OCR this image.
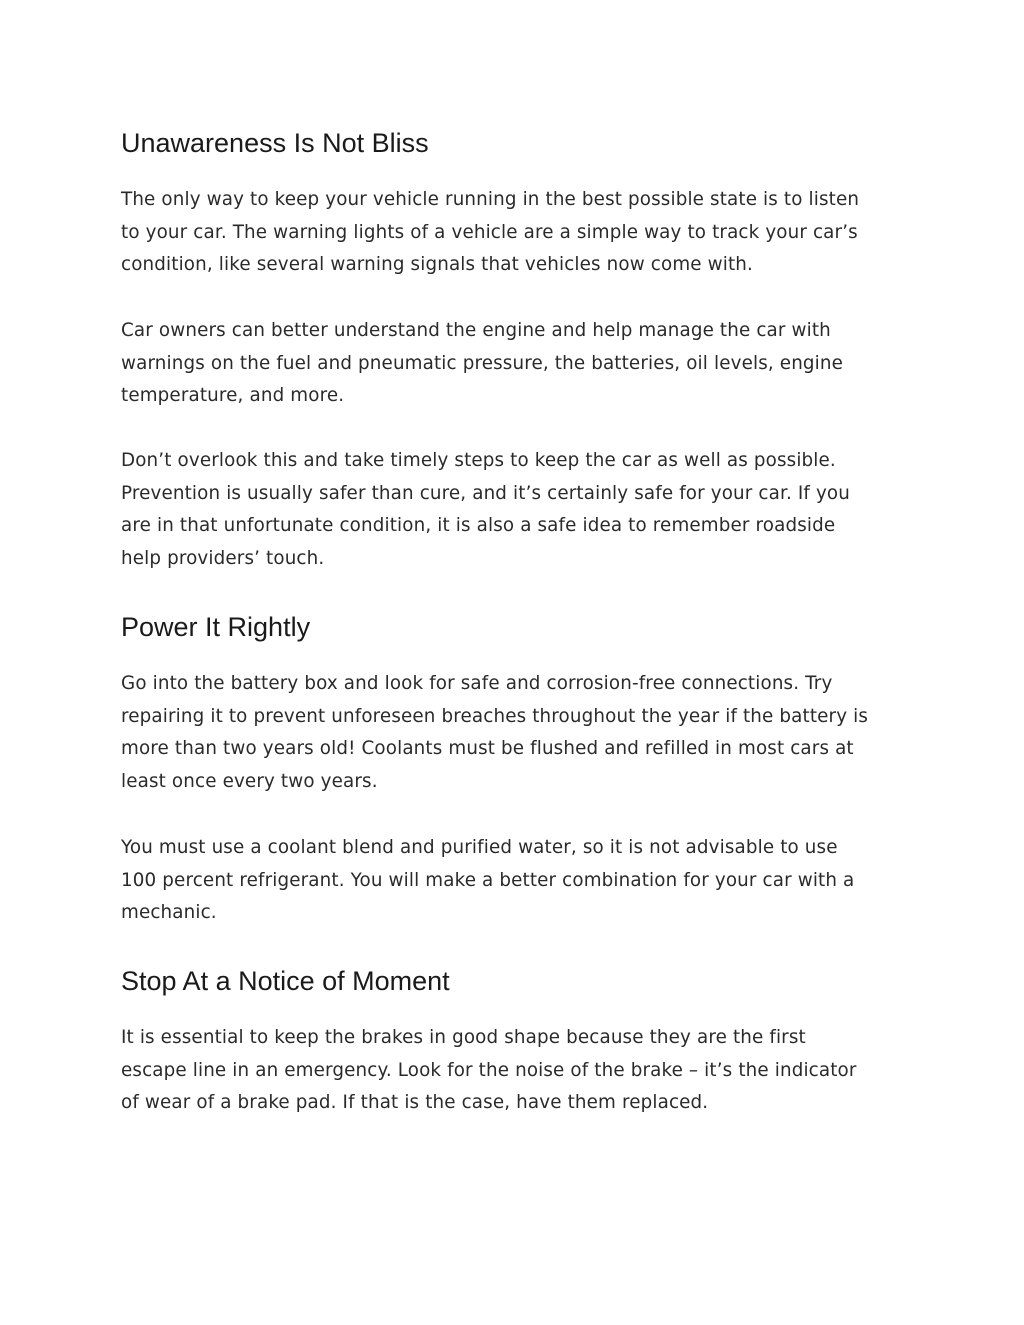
Unawareness Is Not Bliss
The only way to keep your vehicle running in the best possible state is to listen
to your car. The warning lights of a vehicle are a simple way to track your car’s
condition, like several warning signals that vehicles now come with.
Car owners can better understand the engine and help manage the car with
warnings on the fuel and pneumatic pressure, the batteries, oil levels, engine
temperature, and more.
Don’t overlook this and take timely steps to keep the car as well as possible.
Prevention is usually safer than cure, and it’s certainly safe for your car. If you
are in that unfortunate condition, it is also a safe idea to remember roadside
help providers’ touch.
Power It Rightly
Go into the battery box and look for safe and corrosion-free connections. Try
repairing it to prevent unforeseen breaches throughout the year if the battery is
more than two years old! Coolants must be flushed and refilled in most cars at
least once every two years.
You must use a coolant blend and purified water, so it is not advisable to use
100 percent refrigerant. You will make a better combination for your car with a
mechanic.
Stop At a Notice of Moment
It is essential to keep the brakes in good shape because they are the first
escape line in an emergency. Look for the noise of the brake – it’s the indicator
of wear of a brake pad. If that is the case, have them replaced.
